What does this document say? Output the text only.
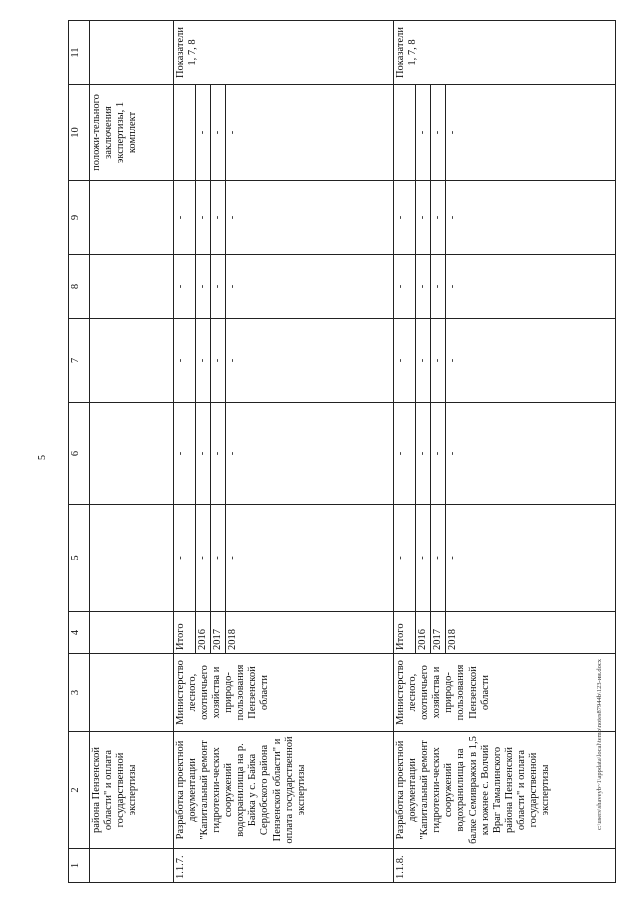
5
1	2	3	4	5	6	7	8	9	10	11
	района Пензенской области" и оплата государственной экспертизы								положи-тельного заключения экспертизы, 1 комплект	
1.1.7.	Разработка проектной документации "Капитальный ремонт гидротехни-ческих сооружений водохранилища на р. Байка у с. Байка Сердобского района Пензенской области" и оплата государственной экспертизы	Министерство лесного, охотничьего хозяйства и природо-пользования Пензенской области	Итого	-	-	-	-	-		Показатели 1, 7, 8
			2016	-	-	-	-	-	-	
			2017	-	-	-	-	-	-	
			2018	-	-	-	-	-	-	
1.1.8.	Разработка проектной документации "Капитальный ремонт гидротехни-ческих сооружений водохранилища на балке Семивражки в 1,5 км южнее с. Волчий Враг Тамалинского района Пензенской области" и оплата государственной экспертизы	Министерство лесного, охотничьего хозяйства и природо-пользования Пензенской области	Итого	-	-	-	-	-		Показатели 1, 7, 8
			2016	-	-	-	-	-	-	
			2017	-	-	-	-	-	-	
			2018	-	-	-	-	-	-	
c:\users\shaveyb~1\appdata\local\temp\notes87944b\123-ии.docx
